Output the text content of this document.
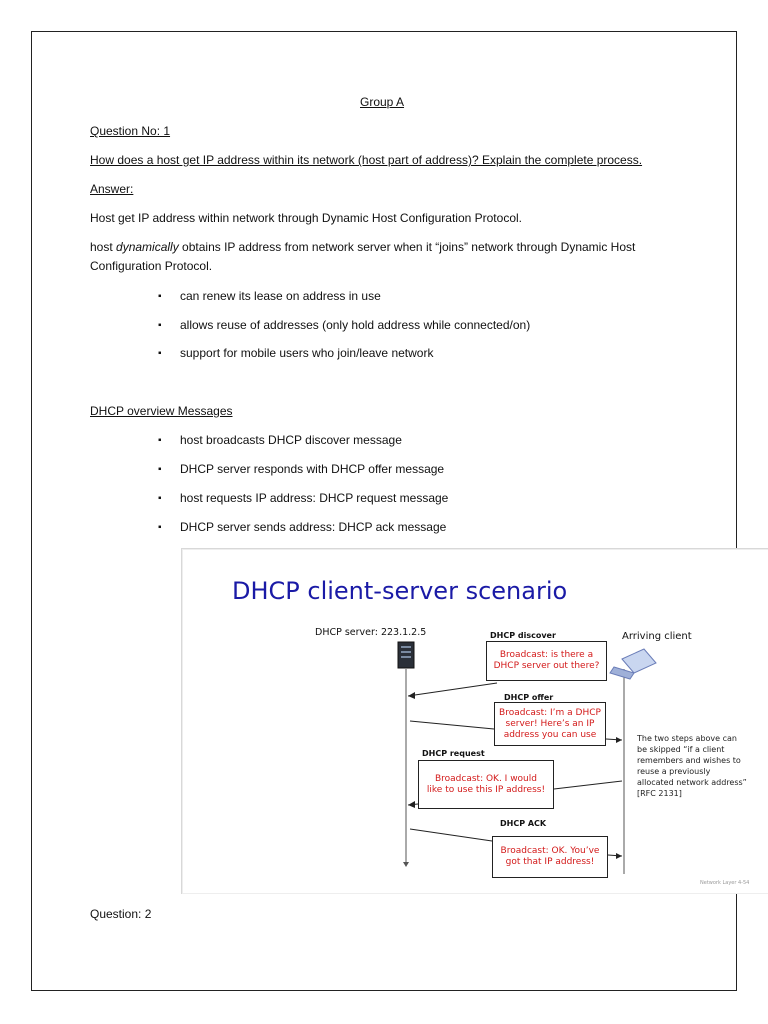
Group A
Question No: 1
How does a host get IP address within its network (host part of address)? Explain the complete process.
Answer:
Host get IP address within network through Dynamic Host Configuration Protocol.
host dynamically obtains IP address from network server when it “joins” network through Dynamic Host
Configuration Protocol.
▪ can renew its lease on address in use
▪ allows reuse of addresses (only hold address while connected/on)
▪ support for mobile users who join/leave network
DHCP overview Messages
▪ host broadcasts DHCP discover message
▪ DHCP server responds with DHCP offer message
▪ host requests IP address: DHCP request message
▪ DHCP server sends address: DHCP ack message
DHCP client-server scenario
DHCP server: 223.1.2.5	Arriving client
DHCP discover
Broadcast: is there a
DHCP server out there?
DHCP offer
Broadcast: I’m a DHCP
server! Here’s an IP
address you can use
DHCP request
Broadcast: OK. I would
like to use this IP address!
DHCP ACK
Broadcast: OK. You’ve
got that IP address!
The two steps above can
be skipped “if a client
remembers and wishes to
reuse a previously
allocated network address”
[RFC 2131]
Network Layer 4-54
Question: 2
